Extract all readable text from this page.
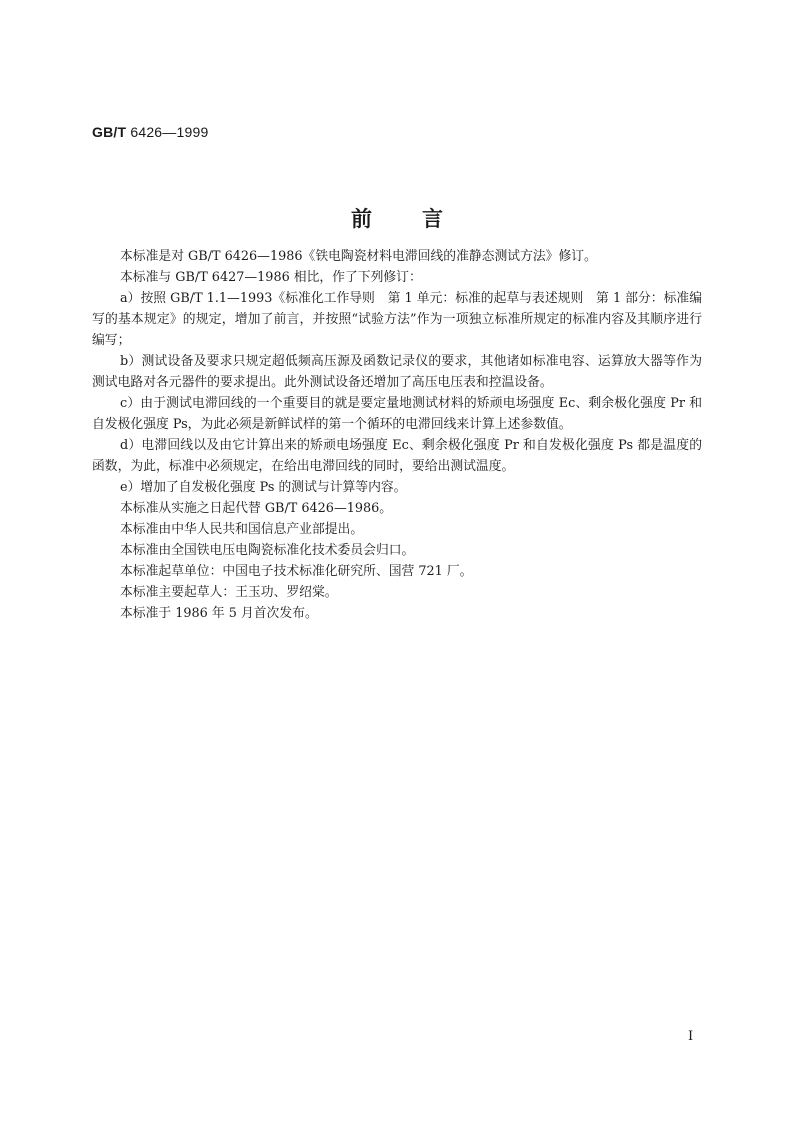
GB/T 6426—1999
前 言

本标准是对 GB/T 6426—1986《铁电陶瓷材料电滞回线的准静态测试方法》修订。

本标准与 GB/T 6427—1986 相比，作了下列修订：

a）按照 GB/T 1.1—1993《标准化工作导则　第 1 单元：标准的起草与表述规则　第 1 部分：标准编写的基本规定》的规定，增加了前言，并按照“试验方法”作为一项独立标准所规定的标准内容及其顺序进行编写；

b）测试设备及要求只规定超低频高压源及函数记录仪的要求，其他诸如标准电容、运算放大器等作为测试电路对各元器件的要求提出。此外测试设备还增加了高压电压表和控温设备。

c）由于测试电滞回线的一个重要目的就是要定量地测试材料的矫顽电场强度 Ec、剩余极化强度 Pr 和自发极化强度 Ps，为此必须是新鲜试样的第一个循环的电滞回线来计算上述参数值。

d）电滞回线以及由它计算出来的矫顽电场强度 Ec、剩余极化强度 Pr 和自发极化强度 Ps 都是温度的函数，为此，标准中必须规定，在给出电滞回线的同时，要给出测试温度。

e）增加了自发极化强度 Ps 的测试与计算等内容。

本标准从实施之日起代替 GB/T 6426—1986。

本标准由中华人民共和国信息产业部提出。

本标准由全国铁电压电陶瓷标准化技术委员会归口。

本标准起草单位：中国电子技术标准化研究所、国营 721 厂。

本标准主要起草人：王玉功、罗绍棠。

本标准于 1986 年 5 月首次发布。

I
